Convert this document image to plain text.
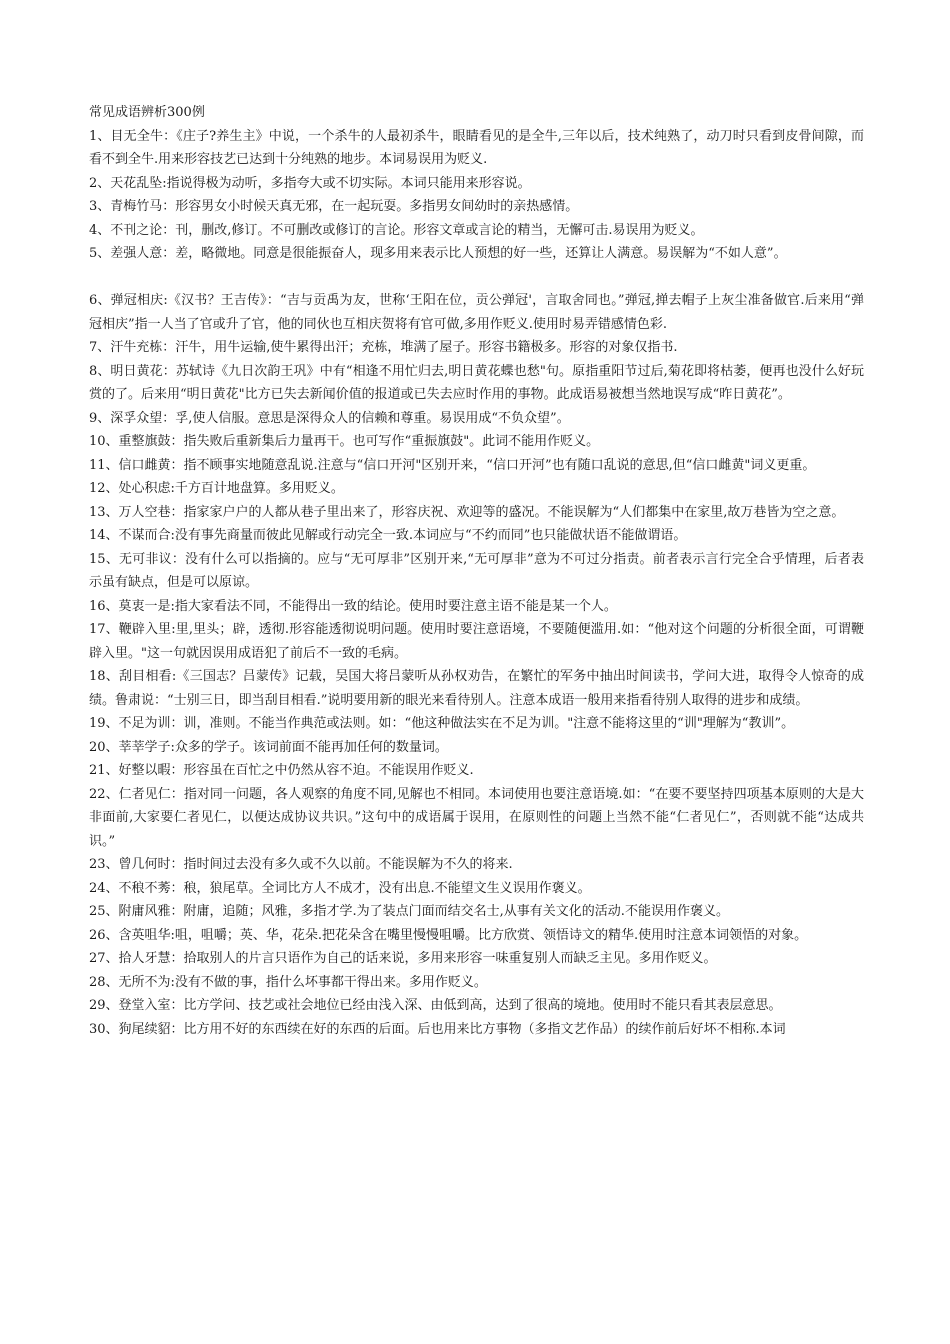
常见成语辨析300例

1、目无全牛：《庄子?养生主》中说，一个杀牛的人最初杀牛，眼睛看见的是全牛,三年以后，技术纯熟了，动刀时只看到皮骨间隙，而看不到全牛.用来形容技艺已达到十分纯熟的地步。本词易误用为贬义.

2、天花乱坠:指说得极为动听，多指夸大或不切实际。本词只能用来形容说。

3、青梅竹马：形容男女小时候天真无邪，在一起玩耍。多指男女间幼时的亲热感情。

4、不刊之论：刊，删改,修订。不可删改或修订的言论。形容文章或言论的精当，无懈可击.易误用为贬义。

5、差强人意：差，略微地。同意是很能振奋人，现多用来表示比人预想的好一些，还算让人满意。易误解为“不如人意”。

6、弹冠相庆:《汉书？王吉传》：“吉与贡禹为友，世称‘王阳在位，贡公弹冠'，言取舍同也。”弹冠,掸去帽子上灰尘准备做官.后来用“弹冠相庆”指一人当了官或升了官，他的同伙也互相庆贺将有官可做,多用作贬义.使用时易弄错感情色彩.

7、汗牛充栋：汗牛，用牛运输,使牛累得出汗；充栋，堆满了屋子。形容书籍极多。形容的对象仅指书.

8、明日黄花：苏轼诗《九日次韵王巩》中有“相逢不用忙归去,明日黄花蝶也愁"句。原指重阳节过后,菊花即将枯萎，便再也没什么好玩赏的了。后来用“明日黄花"比方已失去新闻价值的报道或已失去应时作用的事物。此成语易被想当然地误写成“昨日黄花”。

9、深孚众望：孚,使人信服。意思是深得众人的信赖和尊重。易误用成“不负众望”。

10、重整旗鼓：指失败后重新集后力量再干。也可写作“重振旗鼓"。此词不能用作贬义。

11、信口雌黄：指不顾事实地随意乱说.注意与“信口开河"区别开来，“信口开河”也有随口乱说的意思,但“信口雌黄"词义更重。

12、处心积虑:千方百计地盘算。多用贬义。

13、万人空巷：指家家户户的人都从巷子里出来了，形容庆祝、欢迎等的盛况。不能误解为“人们都集中在家里,故万巷皆为空之意。

14、不谋而合:没有事先商量而彼此见解或行动完全一致.本词应与“不约而同”也只能做状语不能做谓语。

15、无可非议：没有什么可以指摘的。应与“无可厚非”区别开来,“无可厚非”意为不可过分指责。前者表示言行完全合乎情理，后者表示虽有缺点，但是可以原谅。

16、莫衷一是:指大家看法不同，不能得出一致的结论。使用时要注意主语不能是某一个人。

17、鞭辟入里:里,里头；辟，透彻.形容能透彻说明问题。使用时要注意语境，不要随便滥用.如：“他对这个问题的分析很全面，可谓鞭辟入里。"这一句就因误用成语犯了前后不一致的毛病。

18、刮目相看:《三国志？吕蒙传》记载，吴国大将吕蒙听从孙权劝告，在繁忙的军务中抽出时间读书，学问大进，取得令人惊奇的成绩。鲁肃说：“士别三日，即当刮目相看.”说明要用新的眼光来看待别人。注意本成语一般用来指看待别人取得的进步和成绩。

19、不足为训：训，准则。不能当作典范或法则。如：“他这种做法实在不足为训。"注意不能将这里的“训"理解为“教训”。

20、莘莘学子:众多的学子。该词前面不能再加任何的数量词。

21、好整以暇：形容虽在百忙之中仍然从容不迫。不能误用作贬义.

22、仁者见仁：指对同一问题，各人观察的角度不同,见解也不相同。本词使用也要注意语境.如：“在要不要坚持四项基本原则的大是大非面前,大家要仁者见仁，以便达成协议共识。”这句中的成语属于误用，在原则性的问题上当然不能“仁者见仁”，否则就不能“达成共识。”

23、曾几何时：指时间过去没有多久或不久以前。不能误解为不久的将来.

24、不稂不莠：稂，狼尾草。全词比方人不成才，没有出息.不能望文生义误用作褒义。

25、附庸风雅：附庸，追随；风雅，多指才学.为了装点门面而结交名士,从事有关文化的活动.不能误用作褒义。

26、含英咀华:咀，咀嚼；英、华，花朵.把花朵含在嘴里慢慢咀嚼。比方欣赏、领悟诗文的精华.使用时注意本词领悟的对象。

27、拾人牙慧：拾取别人的片言只语作为自己的话来说，多用来形容一味重复别人而缺乏主见。多用作贬义。

28、无所不为:没有不做的事，指什么坏事都干得出来。多用作贬义。

29、登堂入室：比方学问、技艺或社会地位已经由浅入深、由低到高，达到了很高的境地。使用时不能只看其表层意思。

30、狗尾续貂：比方用不好的东西续在好的东西的后面。后也用来比方事物（多指文艺作品）的续作前后好坏不相称.本词
